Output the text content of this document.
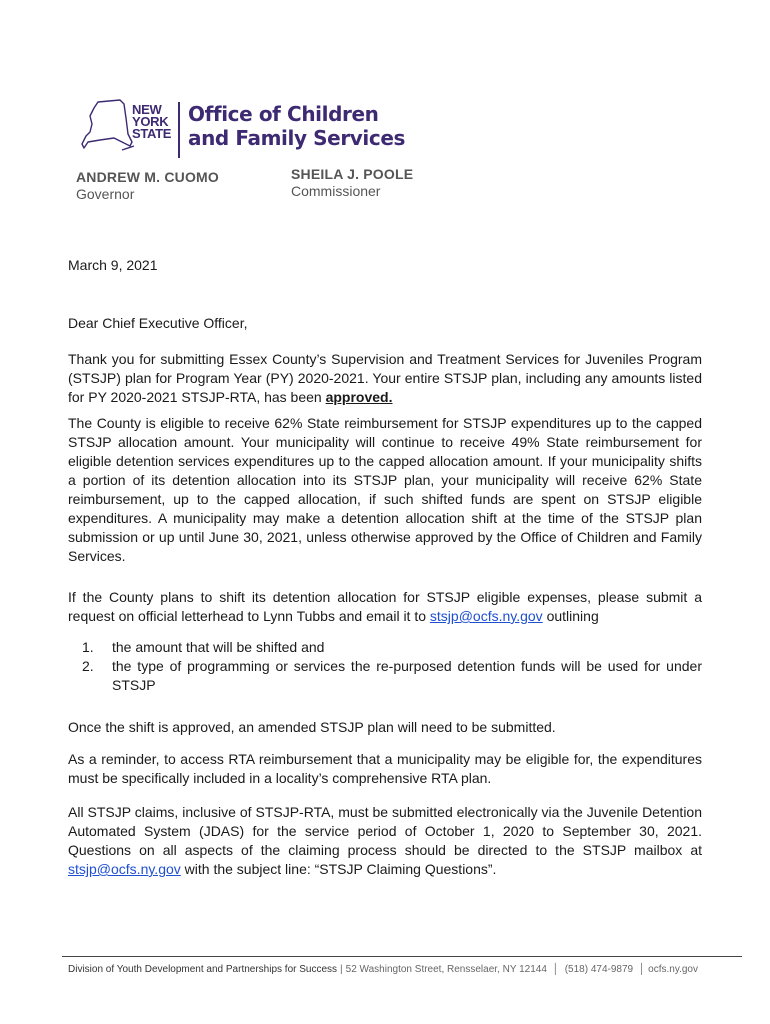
NEW
YORK
STATE
Office of Children
and Family Services
ANDREW M. CUOMO
Governor
SHEILA J. POOLE
Commissioner
March 9, 2021
Dear Chief Executive Officer,

Thank you for submitting Essex County’s Supervision and Treatment Services for Juveniles Program (STSJP) plan for Program Year (PY) 2020-2021. Your entire STSJP plan, including any amounts listed for PY 2020-2021 STSJP-RTA, has been approved.

The County is eligible to receive 62% State reimbursement for STSJP expenditures up to the capped STSJP allocation amount. Your municipality will continue to receive 49% State reimbursement for eligible detention services expenditures up to the capped allocation amount. If your municipality shifts a portion of its detention allocation into its STSJP plan, your municipality will receive 62% State reimbursement, up to the capped allocation, if such shifted funds are spent on STSJP eligible expenditures. A municipality may make a detention allocation shift at the time of the STSJP plan submission or up until June 30, 2021, unless otherwise approved by the Office of Children and Family Services.

If the County plans to shift its detention allocation for STSJP eligible expenses, please submit a request on official letterhead to Lynn Tubbs and email it to stsjp@ocfs.ny.gov outlining

1. the amount that will be shifted and
2. the type of programming or services the re-purposed detention funds will be used for under STSJP

Once the shift is approved, an amended STSJP plan will need to be submitted.

As a reminder, to access RTA reimbursement that a municipality may be eligible for, the expenditures must be specifically included in a locality’s comprehensive RTA plan.

All STSJP claims, inclusive of STSJP-RTA, must be submitted electronically via the Juvenile Detention Automated System (JDAS) for the service period of October 1, 2020 to September 30, 2021. Questions on all aspects of the claiming process should be directed to the STSJP mailbox at stsjp@ocfs.ny.gov with the subject line: “STSJP Claiming Questions”.

Division of Youth Development and Partnerships for Success | 52 Washington Street, Rensselaer, NY 12144 │ (518) 474-9879 │ ocfs.ny.gov
